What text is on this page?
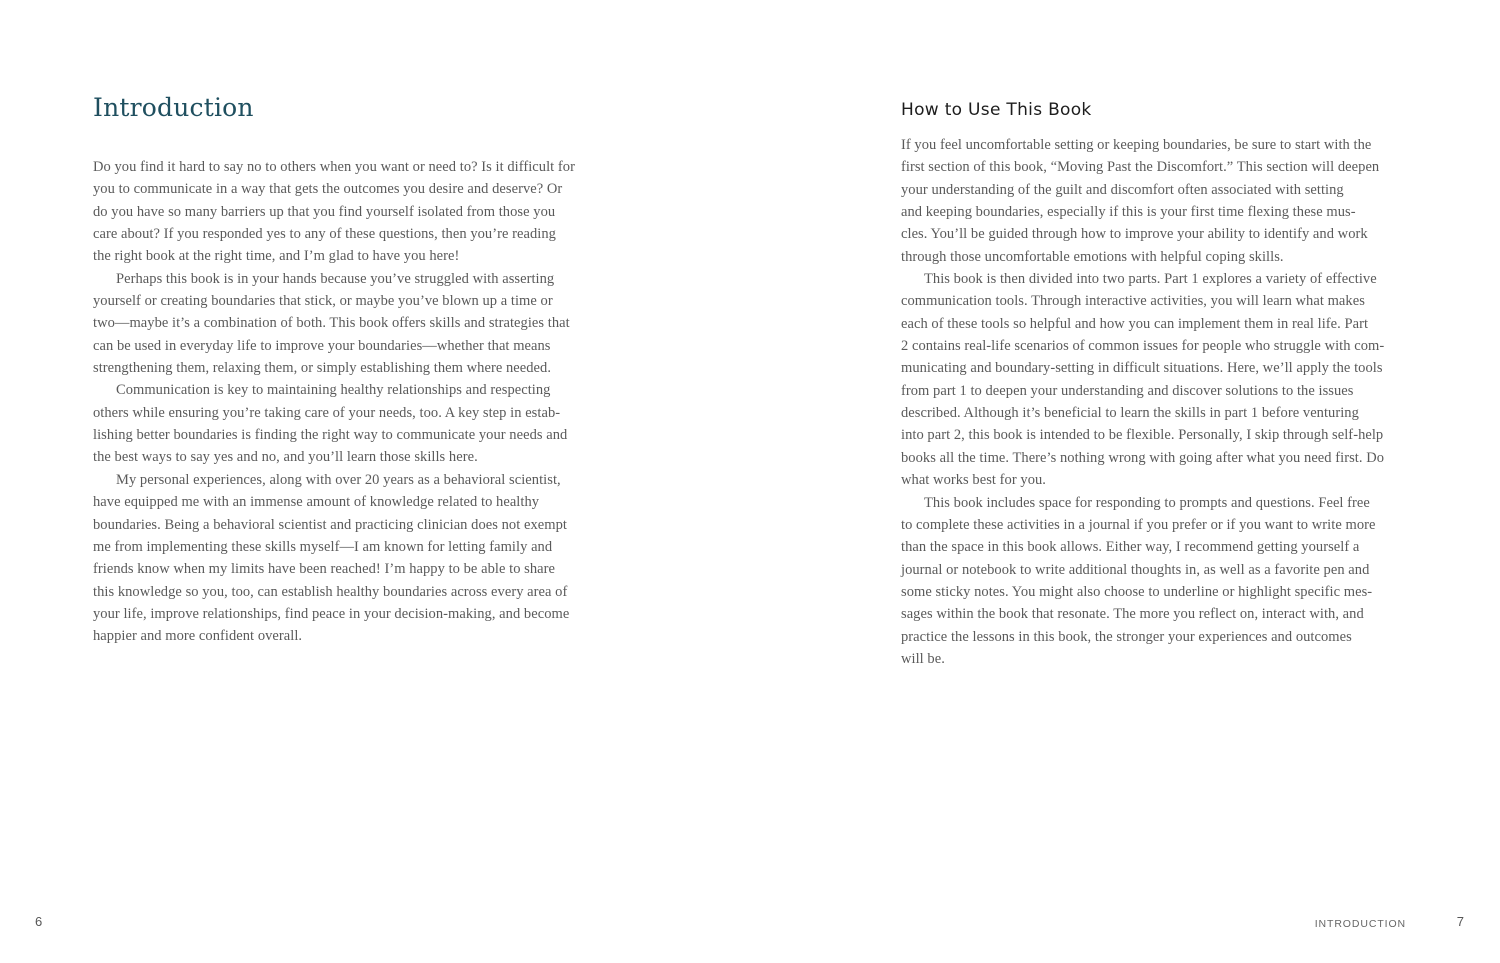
Introduction
Do you find it hard to say no to others when you want or need to? Is it difficult for
you to communicate in a way that gets the outcomes you desire and deserve? Or
do you have so many barriers up that you find yourself isolated from those you
care about? If you responded yes to any of these questions, then you’re reading
the right book at the right time, and I’m glad to have you here!
Perhaps this book is in your hands because you’ve struggled with asserting
yourself or creating boundaries that stick, or maybe you’ve blown up a time or
two—maybe it’s a combination of both. This book offers skills and strategies that
can be used in everyday life to improve your boundaries—whether that means
strengthening them, relaxing them, or simply establishing them where needed.
Communication is key to maintaining healthy relationships and respecting
others while ensuring you’re taking care of your needs, too. A key step in estab-
lishing better boundaries is finding the right way to communicate your needs and
the best ways to say yes and no, and you’ll learn those skills here.
My personal experiences, along with over 20 years as a behavioral scientist,
have equipped me with an immense amount of knowledge related to healthy
boundaries. Being a behavioral scientist and practicing clinician does not exempt
me from implementing these skills myself—I am known for letting family and
friends know when my limits have been reached! I’m happy to be able to share
this knowledge so you, too, can establish healthy boundaries across every area of
your life, improve relationships, find peace in your decision-making, and become
happier and more confident overall.
6
How to Use This Book
If you feel uncomfortable setting or keeping boundaries, be sure to start with the
first section of this book, “Moving Past the Discomfort.” This section will deepen
your understanding of the guilt and discomfort often associated with setting
and keeping boundaries, especially if this is your first time flexing these mus-
cles. You’ll be guided through how to improve your ability to identify and work
through those uncomfortable emotions with helpful coping skills.
This book is then divided into two parts. Part 1 explores a variety of effective
communication tools. Through interactive activities, you will learn what makes
each of these tools so helpful and how you can implement them in real life. Part
2 contains real-life scenarios of common issues for people who struggle with com-
municating and boundary-setting in difficult situations. Here, we’ll apply the tools
from part 1 to deepen your understanding and discover solutions to the issues
described. Although it’s beneficial to learn the skills in part 1 before venturing
into part 2, this book is intended to be flexible. Personally, I skip through self-help
books all the time. There’s nothing wrong with going after what you need first. Do
what works best for you.
This book includes space for responding to prompts and questions. Feel free
to complete these activities in a journal if you prefer or if you want to write more
than the space in this book allows. Either way, I recommend getting yourself a
journal or notebook to write additional thoughts in, as well as a favorite pen and
some sticky notes. You might also choose to underline or highlight specific mes-
sages within the book that resonate. The more you reflect on, interact with, and
practice the lessons in this book, the stronger your experiences and outcomes
will be.
INTRODUCTION	7
